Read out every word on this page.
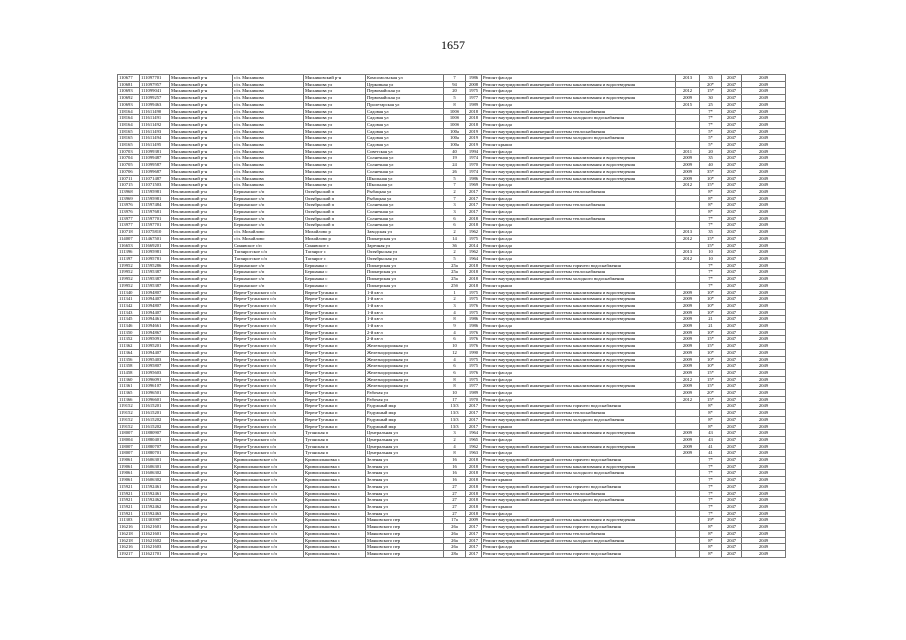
1657
110677	111097701	Мясниковский р-н	с/п. Мясникова	Мясниковский р-н	Комсомольская ул	7	1986	Ремонт фасада	2013	35	2047	2049
110681	111097957	Мясниковский р-н	с/п. Мясникова	Мясникова ул	Церковная ул	94	2008	Ремонт внутридомовой инженерной системы канализования и водоотведения		20*	2047	2049
110693	111099041	Мясниковский р-н	с/п. Мясникова	Мясникова ул	Первомайская ул	20	1975	Ремонт фасада	2012	15*	2047	2049
110692	111099257	Мясниковский р-н	с/п. Мясникова	Мясникова ул	Первомайская ул	5	1977	Ремонт внутридомовой инженерной системы канализования и водоотведения	2009	30	2047	2049
110693	111099463	Мясниковский р-н	с/п. Мясникова	Мясникова ул	Пролетарская ул	8	1989	Ремонт фасада	2015	25	2047	2049
118164	111611490	Мясниковский р-н	с/п. Мясникова	Мясникова ул	Садовая ул	100б	2018	Ремонт внутридомовой инженерной системы теплоснабжения		7*	2047	2049
118164	111611491	Мясниковский р-н	с/п. Мясникова	Мясникова ул	Садовая ул	100б	2018	Ремонт внутридомовой инженерной системы холодного водоснабжения		7*	2047	2049
118164	111611492	Мясниковский р-н	с/п. Мясникова	Мясникова ул	Садовая ул	100б	2018	Ремонт фасада		7*	2047	2049
118165	111611493	Мясниковский р-н	с/п. Мясникова	Мясникова ул	Садовая ул	100а	2019	Ремонт внутридомовой инженерной системы теплоснабжения		5*	2047	2049
118165	111611494	Мясниковский р-н	с/п. Мясникова	Мясникова ул	Садовая ул	100а	2019	Ремонт внутридомовой инженерной системы холодного водоснабжения		5*	2047	2049
118165	111611495	Мясниковский р-н	с/п. Мясникова	Мясникова ул	Садовая ул	100а	2019	Ремонт крыши		5*	2047	2049
110703	111099381	Мясниковский р-н	с/п. Мясникова	Мясникова ул	Советская ул	40	1994	Ремонт фасада	2011	20	2047	2049
110704	111099487	Мясниковский р-н	с/п. Мясникова	Мясникова ул	Солнечная ул	19	1974	Ремонт внутридомовой инженерной системы канализования и водоотведения	2009	35	2047	2049
110705	111099587	Мясниковский р-н	с/п. Мясникова	Мясникова ул	Солнечная ул	24	1970	Ремонт внутридомовой инженерной системы канализования и водоотведения	2009	40	2047	2049
110706	111099687	Мясниковский р-н	с/п. Мясникова	Мясникова ул	Солнечная ул	26	1974	Ремонт внутридомовой инженерной системы канализования и водоотведения	2009	35*	2047	2049
110711	111071487	Мясниковский р-н	с/п. Мясникова	Мясникова ул	Школьная ул	5	1986	Ремонт внутридомовой инженерной системы канализования и водоотведения	2009	10*	2047	2049
110715	111071503	Мясниковский р-н	с/п. Мясникова	Мясникова ул	Школьная ул	7	1969	Ремонт фасада	2012	15*	2047	2049
113968	111595981	Неклиновский р-н	Бершанское с/п	Октябрьский п	Рыбацкая ул	2	2017	Ремонт внутридомовой инженерной системы теплоснабжения		8*	2047	2049
113969	111595981	Неклиновский р-н	Бершанское с/п	Октябрьский п	Рыбацкая ул	7	2017	Ремонт фасада		8*	2047	2049
113976	111597484	Неклиновский р-н	Бершанское с/п	Октябрьский п	Солнечная ул	3	2017	Ремонт внутридомовой инженерной системы теплоснабжения		8*	2047	2049
113976	111597681	Неклиновский р-н	Бершанское с/п	Октябрьский п	Солнечная ул	3	2017	Ремонт фасада		8*	2047	2049
113977	111597701	Неклиновский р-н	Бершанское с/п	Октябрьский п	Солнечная ул	6	2018	Ремонт внутридомовой инженерной системы теплоснабжения		7*	2047	2049
113977	111597701	Неклиновский р-н	Бершанское с/п	Октябрьский п	Солнечная ул	6	2018	Ремонт фасада		7*	2047	2049
110718	111075810	Неклиновский р-н	с/п. Михайлово	Михайлово р	Заводская ул	2	1962	Ремонт фасада	2013	35	2047	2049
114007	111467501	Неклиновский р-н	с/п. Михайлово	Михайлово р	Пионерская ул	14	1975	Ремонт фасада	2012	15*	2047	2049
116653	111669201	Неклиновский р-н	Синявское с/п	Синявское с	Заречная ул	36	2014	Ремонт фасада		15*	2047	2049
111396	111095981	Неклиновский р-н	Таганрогское с/п	Таганрог с	Октябрьская ул	2	1962	Ремонт фасада	2013	10	2047	2049
111397	111095781	Неклиновский р-н	Таганрогское с/п	Таганрог с	Октябрьская ул	5	1964	Ремонт фасада	2012	10	2047	2049
119952	111595286	Неклиновский р-н	Бершанское с/п	Бершанка с	Пионерская ул	25а	2018	Ремонт внутридомовой инженерной системы горячего водоснабжения		7*	2047	2049
119952	111595387	Неклиновский р-н	Бершанское с/п	Бершанка с	Пионерская ул	25а	2018	Ремонт внутридомовой инженерной системы теплоснабжения		7*	2047	2049
119952	111595387	Неклиновский р-н	Бершанское с/п	Бершанка с	Пионерская ул	25а	2018	Ремонт внутридомовой инженерной системы холодного водоснабжения		7*	2047	2049
119952	111595387	Неклиновский р-н	Бершанское с/п	Бершанка с	Пионерская ул	25б	2018	Ремонт крыши		7*	2047	2049
111340	111094807	Неклиновский р-н	Вереи-Туганского с/п	Вереи-Туганка п	1-й кв-л	1	1975	Ремонт внутридомовой инженерной системы канализования и водоотведения	2009	10*	2047	2049
111341	111094407	Неклиновский р-н	Вереи-Туганского с/п	Вереи-Туганка п	1-й кв-л	2	1975	Ремонт внутридомовой инженерной системы канализования и водоотведения	2009	10*	2047	2049
111342	111094807	Неклиновский р-н	Вереи-Туганского с/п	Вереи-Туганка п	1-й кв-л	3	1976	Ремонт внутридомовой инженерной системы канализования и водоотведения	2009	10*	2047	2049
111343	111094407	Неклиновский р-н	Вереи-Туганского с/п	Вереи-Туганка п	1-й кв-л	4	1975	Ремонт внутридомовой инженерной системы канализования и водоотведения	2009	10*	2047	2049
111345	111094461	Неклиновский р-н	Вереи-Туганского с/п	Вереи-Туганка п	1-й кв-л	8	1986	Ремонт внутридомовой инженерной системы канализования и водоотведения	2009	21	2047	2049
111346	111094661	Неклиновский р-н	Вереи-Туганского с/п	Вереи-Туганка п	1-й кв-л	9	1986	Ремонт фасада	2009	21	2047	2049
111350	111094867	Неклиновский р-н	Вереи-Туганского с/п	Вереи-Туганка п	2-й кв-л	4	1976	Ремонт внутридомовой инженерной системы канализования и водоотведения	2009	10*	2047	2049
111352	111095091	Неклиновский р-н	Вереи-Туганского с/п	Вереи-Туганка п	2-й кв-л	6	1976	Ремонт внутридомовой инженерной системы канализования и водоотведения	2009	15*	2047	2049
111362	111095201	Неклиновский р-н	Вереи-Туганского с/п	Вереи-Туганка п	Железнодорожная ул	10	1976	Ремонт внутридомовой инженерной системы канализования и водоотведения	2009	15*	2047	2049
111364	111094407	Неклиновский р-н	Вереи-Туганского с/п	Вереи-Туганка п	Железнодорожная ул	12	1990	Ремонт внутридомовой инженерной системы канализования и водоотведения	2009	10*	2047	2049
111356	111095403	Неклиновский р-н	Вереи-Туганского с/п	Вереи-Туганка п	Железнодорожная ул	4	1975	Ремонт внутридомовой инженерной системы канализования и водоотведения	2009	10*	2047	2049
111358	111095807	Неклиновский р-н	Вереи-Туганского с/п	Вереи-Туганка п	Железнодорожная ул	6	1975	Ремонт внутридомовой инженерной системы канализования и водоотведения	2009	10*	2047	2049
111458	111095603	Неклиновский р-н	Вереи-Туганского с/п	Вереи-Туганка п	Железнодорожная ул	6	1976	Ремонт фасада	2009	15*	2047	2049
111360	111096091	Неклиновский р-н	Вереи-Туганского с/п	Вереи-Туганка п	Железнодорожная ул	8	1975	Ремонт фасада	2012	15*	2047	2049
111361	111096107	Неклиновский р-н	Вереи-Туганского с/п	Вереи-Туганка п	Железнодорожная ул	8	1977	Ремонт внутридомовой инженерной системы канализования и водоотведения	2009	15*	2047	2049
111365	111096501	Неклиновский р-н	Вереи-Туганского с/п	Вереи-Туганка п	Рабочая ул	10	1989	Ремонт фасада	2009	20*	2047	2049
111366	111096601	Неклиновский р-н	Вереи-Туганского с/п	Вереи-Туганка п	Рабочая ул	17	1970	Ремонт фасада	2012	15*	2047	2049
119152	111615201	Неклиновский р-н	Вереи-Туганского с/п	Вереи-Туганка п	Радужный мкр	13/3	2017	Ремонт внутридомовой инженерной системы горячего водоснабжения		8*	2047	2049
119152	111615201	Неклиновский р-н	Вереи-Туганского с/п	Вереи-Туганка п	Радужный мкр	13/3	2017	Ремонт внутридомовой инженерной системы теплоснабжения		8*	2047	2049
119152	111615202	Неклиновский р-н	Вереи-Туганского с/п	Вереи-Туганка п	Радужный мкр	13/3	2017	Ремонт внутридомовой инженерной системы холодного водоснабжения		8*	2047	2049
119152	111615202	Неклиновский р-н	Вереи-Туганского с/п	Вереи-Туганка п	Радужный мкр	13/3	2017	Ремонт крыши		8*	2047	2049
118007	111880907	Неклиновский р-н	Вереи-Туганского с/п	Туганская п	Центральная ул	3	1964	Ремонт внутридомовой инженерной системы канализования и водоотведения	2009	43	2047	2049
118004	111880401	Неклиновский р-н	Вереи-Туганского с/п	Туганская п	Центральная ул	2	1965	Ремонт фасада	2009	43	2047	2049
118007	111880707	Неклиновский р-н	Вереи-Туганского с/п	Туганская п	Центральная ул	4	1962	Ремонт внутридомовой инженерной системы канализования и водоотведения	2009	41	2047	2049
118007	111880701	Неклиновский р-н	Вереи-Туганского с/п	Туганская п	Центральная ул	8	1963	Ремонт фасада	2009	41	2047	2049
119061	111606301	Неклиновский р-н	Кривошлыковское с/п	Кривошлыковка с	Зеленая ул	16	2018	Ремонт внутридомовой инженерной системы горячего водоснабжения		7*	2047	2049
119061	111606301	Неклиновский р-н	Кривошлыковское с/п	Кривошлыковка с	Зеленая ул	16	2018	Ремонт внутридомовой инженерной системы канализования и водоотведения		7*	2047	2049
119061	111606302	Неклиновский р-н	Кривошлыковское с/п	Кривошлыковка с	Зеленая ул	16	2018	Ремонт внутридомовой инженерной системы холодного водоснабжения		7*	2047	2049
119061	111606302	Неклиновский р-н	Кривошлыковское с/п	Кривошлыковка с	Зеленая ул	16	2018	Ремонт крыши		7*	2047	2049
115921	111592461	Неклиновский р-н	Кривошлыковское с/п	Кривошлыковка с	Зеленая ул	27	2018	Ремонт внутридомовой инженерной системы горячего водоснабжения		7*	2047	2049
115921	111592461	Неклиновский р-н	Кривошлыковское с/п	Кривошлыковка с	Зеленая ул	27	2018	Ремонт внутридомовой инженерной системы теплоснабжения		7*	2047	2049
115921	111592462	Неклиновский р-н	Кривошлыковское с/п	Кривошлыковка с	Зеленая ул	27	2018	Ремонт внутридомовой инженерной системы холодного водоснабжения		7*	2047	2049
115921	111592462	Неклиновский р-н	Кривошлыковское с/п	Кривошлыковка с	Зеленая ул	27	2018	Ремонт крыши		7*	2047	2049
115921	111592463	Неклиновский р-н	Кривошлыковское с/п	Кривошлыковка с	Зеленая ул	27	2018	Ремонт фасада		7*	2047	2049
111303	111303907	Неклиновский р-н	Кривошлыковское с/п	Кривошлыковка с	Маяковского пер	17а	2009	Ремонт внутридомовой инженерной системы канализования и водоотведения		19*	2047	2049
116216	111621601	Неклиновский р-н	Кривошлыковское с/п	Кривошлыковка с	Маяковского пер	26а	2017	Ремонт внутридомовой инженерной системы горячего водоснабжения		8*	2047	2049
116218	111621601	Неклиновский р-н	Кривошлыковское с/п	Кривошлыковка с	Маяковского пер	26а	2017	Ремонт внутридомовой инженерной системы теплоснабжения		8*	2047	2049
116218	111621602	Неклиновский р-н	Кривошлыковское с/п	Кривошлыковка с	Маяковского пер	26а	2017	Ремонт внутридомовой инженерной системы холодного водоснабжения		8*	2047	2049
116216	111621603	Неклиновский р-н	Кривошлыковское с/п	Кривошлыковка с	Маяковского пер	26а	2017	Ремонт фасада		8*	2047	2049
119217	111621701	Неклиновский р-н	Кривошлыковское с/п	Кривошлыковка с	Маяковского пер	28а	2017	Ремонт внутридомовой инженерной системы горячего водоснабжения		8*	2047	2049
